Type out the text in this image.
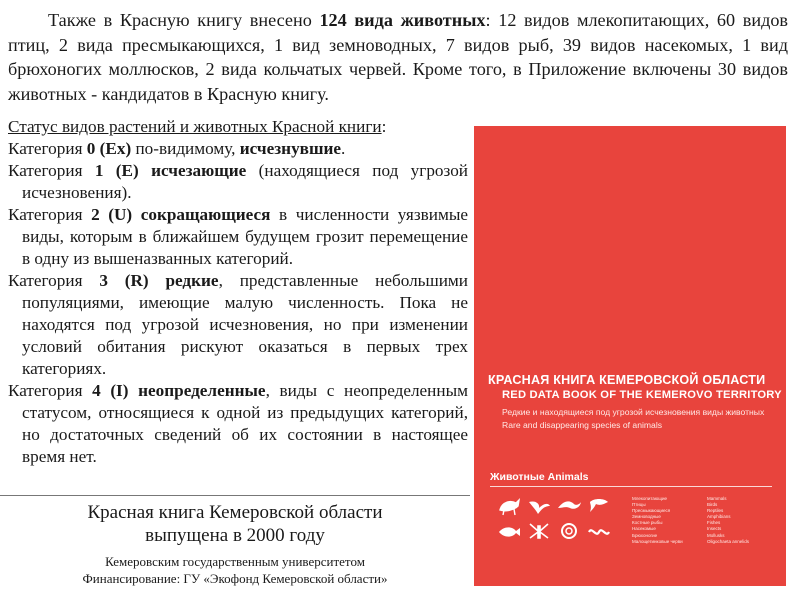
Также в Красную книгу внесено 124 вида животных: 12 видов млекопитающих, 60 видов птиц, 2 вида пресмыкающихся, 1 вид земноводных, 7 видов рыб, 39 видов насекомых, 1 вид брюхоногих моллюсков, 2 вида кольчатых червей. Кроме того, в Приложение включены 30 видов животных - кандидатов в Красную книгу.

Статус видов растений и животных Красной книги:
Категория 0 (Ex) по-видимому, исчезнувшие.
Категория 1 (E) исчезающие (находящиеся под угрозой исчезновения).
Категория 2 (U) сокращающиеся в численности уязвимые виды, которым в ближайшем будущем грозит перемещение в одну из вышеназванных категорий.
Категория 3 (R) редкие, представленные небольшими популяциями, имеющие малую численность. Пока не находятся под угрозой исчезновения, но при изменении условий обитания рискуют оказаться в первых трех категориях.
Категория 4 (I) неопределенные, виды с неопределенным статусом, относящиеся к одной из предыдущих категорий, но достаточных сведений об их состоянии в настоящее время нет.
Красная книга Кемеровской области
выпущена в 2000 году
Кемеровским государственным университетом
Финансирование: ГУ «Экофонд Кемеровской области»
КРАСНАЯ КНИГА КЕМЕРОВСКОЙ ОБЛАСТИ
RED DATA BOOK OF THE KEMEROVO TERRITORY
Редкие и находящиеся под угрозой исчезновения виды животных
Rare and disappearing species of animals
Животные Animals
Млекопитающие
Птицы
Пресмыкающиеся
Земноводные
Костные рыбы
Насекомые
Брюхоногие
Малощетинковые черви
Mammals
Birds
Reptiles
Amphibians
Fishes
Insects
Mollusks
Oligochaeta annelids
